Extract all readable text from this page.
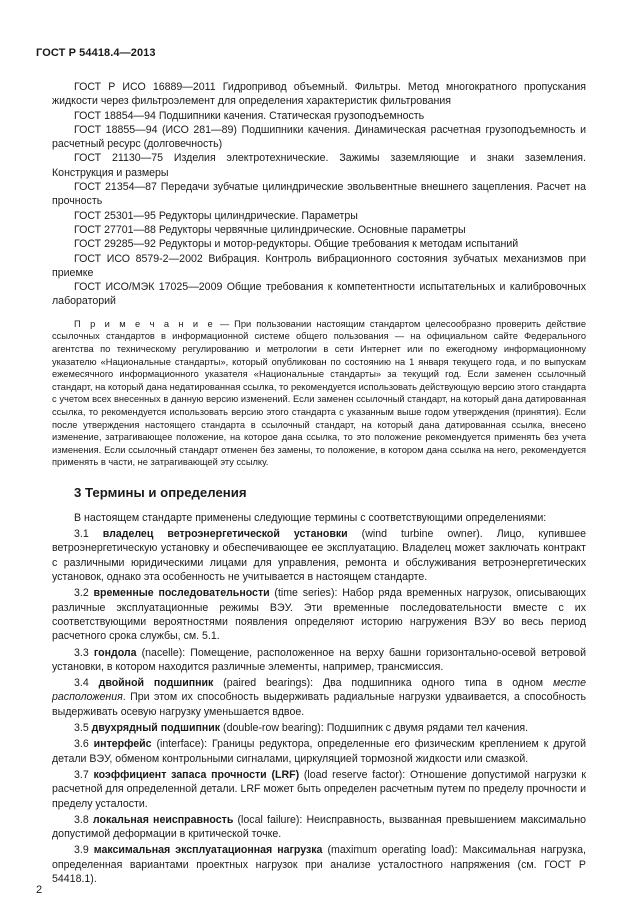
ГОСТ Р 54418.4—2013

ГОСТ Р ИСО 16889—2011 Гидропривод объемный. Фильтры. Метод многократного пропускания жидкости через фильтроэлемент для определения характеристик фильтрования

ГОСТ 18854—94 Подшипники качения. Статическая грузоподъемность

ГОСТ 18855—94 (ИСО 281—89) Подшипники качения. Динамическая расчетная грузоподъемность и расчетный ресурс (долговечность)

ГОСТ 21130—75 Изделия электротехнические. Зажимы заземляющие и знаки заземления. Конструкция и размеры

ГОСТ 21354—87 Передачи зубчатые цилиндрические эвольвентные внешнего зацепления. Расчет на прочность

ГОСТ 25301—95 Редукторы цилиндрические. Параметры

ГОСТ 27701—88 Редукторы червячные цилиндрические. Основные параметры

ГОСТ 29285—92 Редукторы и мотор-редукторы. Общие требования к методам испытаний

ГОСТ ИСО 8579-2—2002 Вибрация. Контроль вибрационного состояния зубчатых механизмов при приемке

ГОСТ ИСО/МЭК 17025—2009 Общие требования к компетентности испытательных и калибровочных лабораторий

П р и м е ч а н и е — При пользовании настоящим стандартом целесообразно проверить действие ссылочных стандартов в информационной системе общего пользования — на официальном сайте Федерального агентства по техническому регулированию и метрологии в сети Интернет или по ежегодному информационному указателю «Национальные стандарты», который опубликован по состоянию на 1 января текущего года, и по выпускам ежемесячного информационного указателя «Национальные стандарты» за текущий год. Если заменен ссылочный стандарт, на который дана недатированная ссылка, то рекомендуется использовать действующую версию этого стандарта с учетом всех внесенных в данную версию изменений. Если заменен ссылочный стандарт, на который дана датированная ссылка, то рекомендуется использовать версию этого стандарта с указанным выше годом утверждения (принятия). Если после утверждения настоящего стандарта в ссылочный стандарт, на который дана датированная ссылка, внесено изменение, затрагивающее положение, на которое дана ссылка, то это положение рекомендуется применять без учета изменения. Если ссылочный стандарт отменен без замены, то положение, в котором дана ссылка на него, рекомендуется применять в части, не затрагивающей эту ссылку.

3 Термины и определения

В настоящем стандарте применены следующие термины с соответствующими определениями:

3.1 владелец ветроэнергетической установки (wind turbine owner). Лицо, купившее ветроэнергетическую установку и обеспечивающее ее эксплуатацию. Владелец может заключать контракт с различными юридическими лицами для управления, ремонта и обслуживания ветроэнергетических установок, однако эта особенность не учитывается в настоящем стандарте.

3.2 временные последовательности (time series): Набор ряда временных нагрузок, описывающих различные эксплуатационные режимы ВЭУ. Эти временные последовательности вместе с их соответствующими вероятностями появления определяют историю нагружения ВЭУ во весь период расчетного срока службы, см. 5.1.

3.3 гондола (nacelle): Помещение, расположенное на верху башни горизонтально-осевой ветровой установки, в котором находится различные элементы, например, трансмиссия.

3.4 двойной подшипник (paired bearings): Два подшипника одного типа в одном месте расположения. При этом их способность выдерживать радиальные нагрузки удваивается, а способность выдерживать осевую нагрузку уменьшается вдвое.

3.5 двухрядный подшипник (double-row bearing): Подшипник с двумя рядами тел качения.

3.6 интерфейс (interface): Границы редуктора, определенные его физическим креплением к другой детали ВЭУ, обменом контрольными сигналами, циркуляцией тормозной жидкости или смазкой.

3.7 коэффициент запаса прочности (LRF) (load reserve factor): Отношение допустимой нагрузки к расчетной для определенной детали. LRF может быть определен расчетным путем по пределу прочности и пределу усталости.

3.8 локальная неисправность (local failure): Неисправность, вызванная превышением максимально допустимой деформации в критической точке.

3.9 максимальная эксплуатационная нагрузка (maximum operating load): Максимальная нагрузка, определенная вариантами проектных нагрузок при анализе усталостного напряжения (см. ГОСТ Р 54418.1).

2
